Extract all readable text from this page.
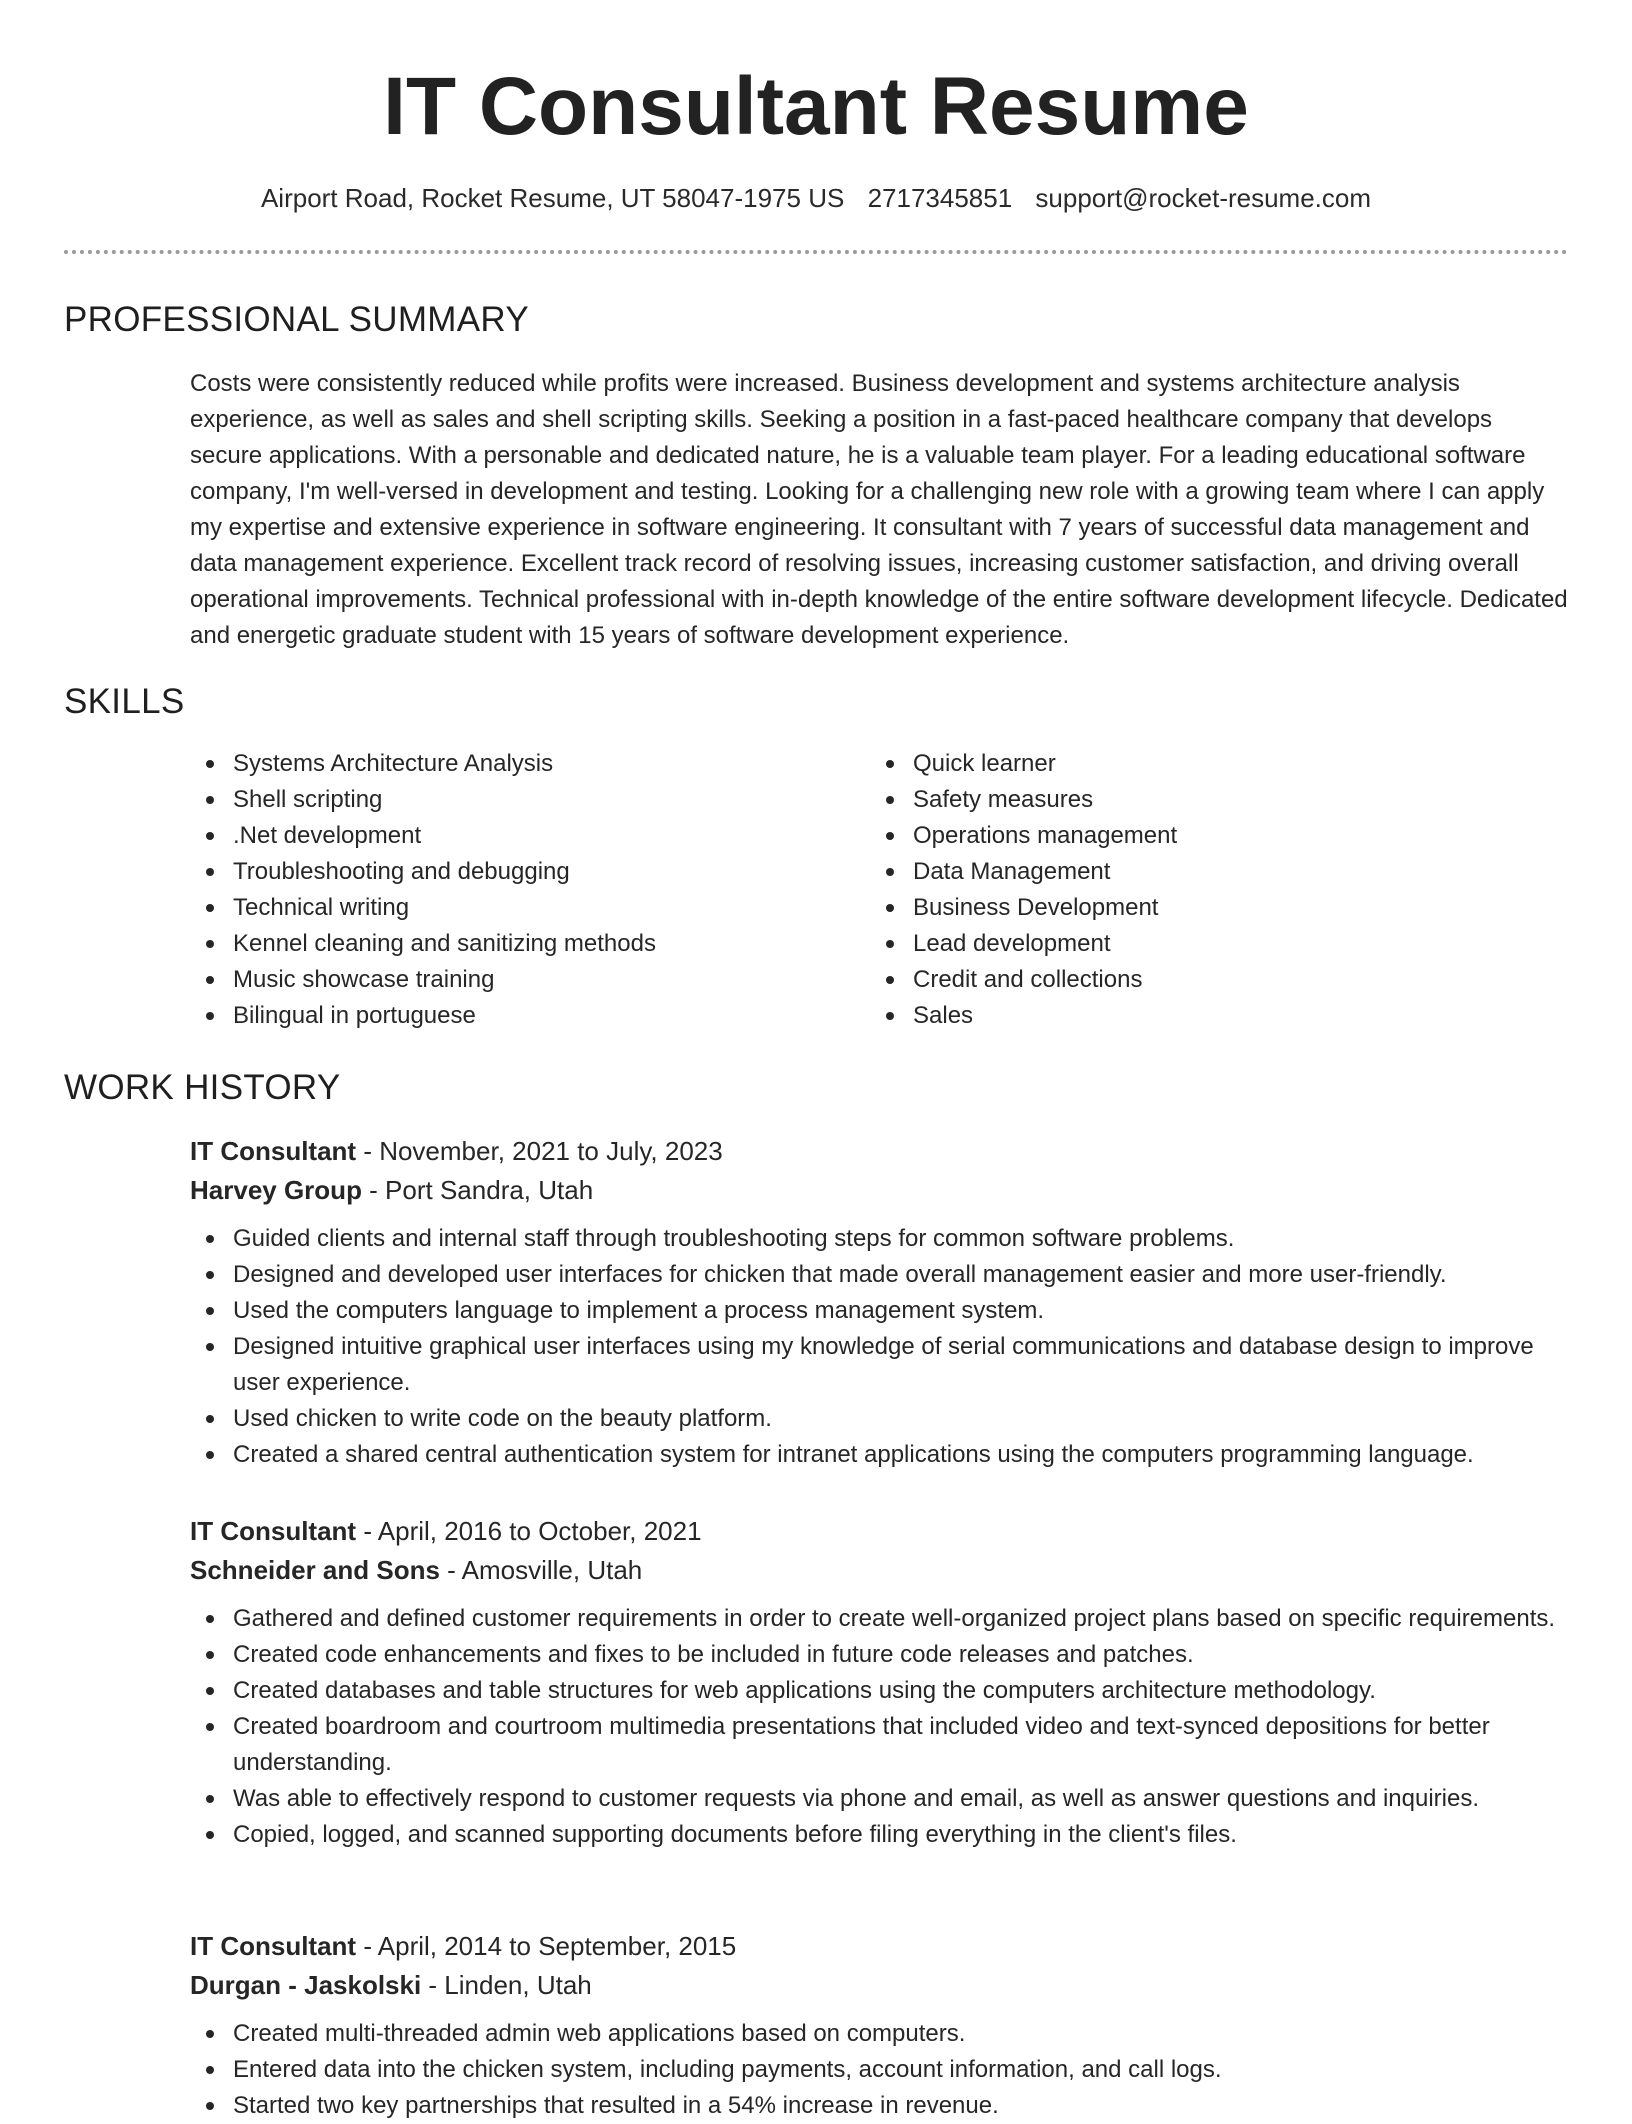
IT Consultant Resume
Airport Road, Rocket Resume, UT 58047-1975 US 2717345851 support@rocket-resume.com
PROFESSIONAL SUMMARY
Costs were consistently reduced while profits were increased. Business development and systems architecture analysis experience, as well as sales and shell scripting skills. Seeking a position in a fast-paced healthcare company that develops secure applications. With a personable and dedicated nature, he is a valuable team player. For a leading educational software company, I'm well-versed in development and testing. Looking for a challenging new role with a growing team where I can apply my expertise and extensive experience in software engineering. It consultant with 7 years of successful data management and data management experience. Excellent track record of resolving issues, increasing customer satisfaction, and driving overall operational improvements. Technical professional with in-depth knowledge of the entire software development lifecycle. Dedicated and energetic graduate student with 15 years of software development experience.
SKILLS
Systems Architecture Analysis
Shell scripting
.Net development
Troubleshooting and debugging
Technical writing
Kennel cleaning and sanitizing methods
Music showcase training
Bilingual in portuguese
Quick learner
Safety measures
Operations management
Data Management
Business Development
Lead development
Credit and collections
Sales
WORK HISTORY
IT Consultant - November, 2021 to July, 2023
Harvey Group - Port Sandra, Utah
Guided clients and internal staff through troubleshooting steps for common software problems.
Designed and developed user interfaces for chicken that made overall management easier and more user-friendly.
Used the computers language to implement a process management system.
Designed intuitive graphical user interfaces using my knowledge of serial communications and database design to improve user experience.
Used chicken to write code on the beauty platform.
Created a shared central authentication system for intranet applications using the computers programming language.
IT Consultant - April, 2016 to October, 2021
Schneider and Sons - Amosville, Utah
Gathered and defined customer requirements in order to create well-organized project plans based on specific requirements.
Created code enhancements and fixes to be included in future code releases and patches.
Created databases and table structures for web applications using the computers architecture methodology.
Created boardroom and courtroom multimedia presentations that included video and text-synced depositions for better understanding.
Was able to effectively respond to customer requests via phone and email, as well as answer questions and inquiries.
Copied, logged, and scanned supporting documents before filing everything in the client's files.
IT Consultant - April, 2014 to September, 2015
Durgan - Jaskolski - Linden, Utah
Created multi-threaded admin web applications based on computers.
Entered data into the chicken system, including payments, account information, and call logs.
Started two key partnerships that resulted in a 54% increase in revenue.
